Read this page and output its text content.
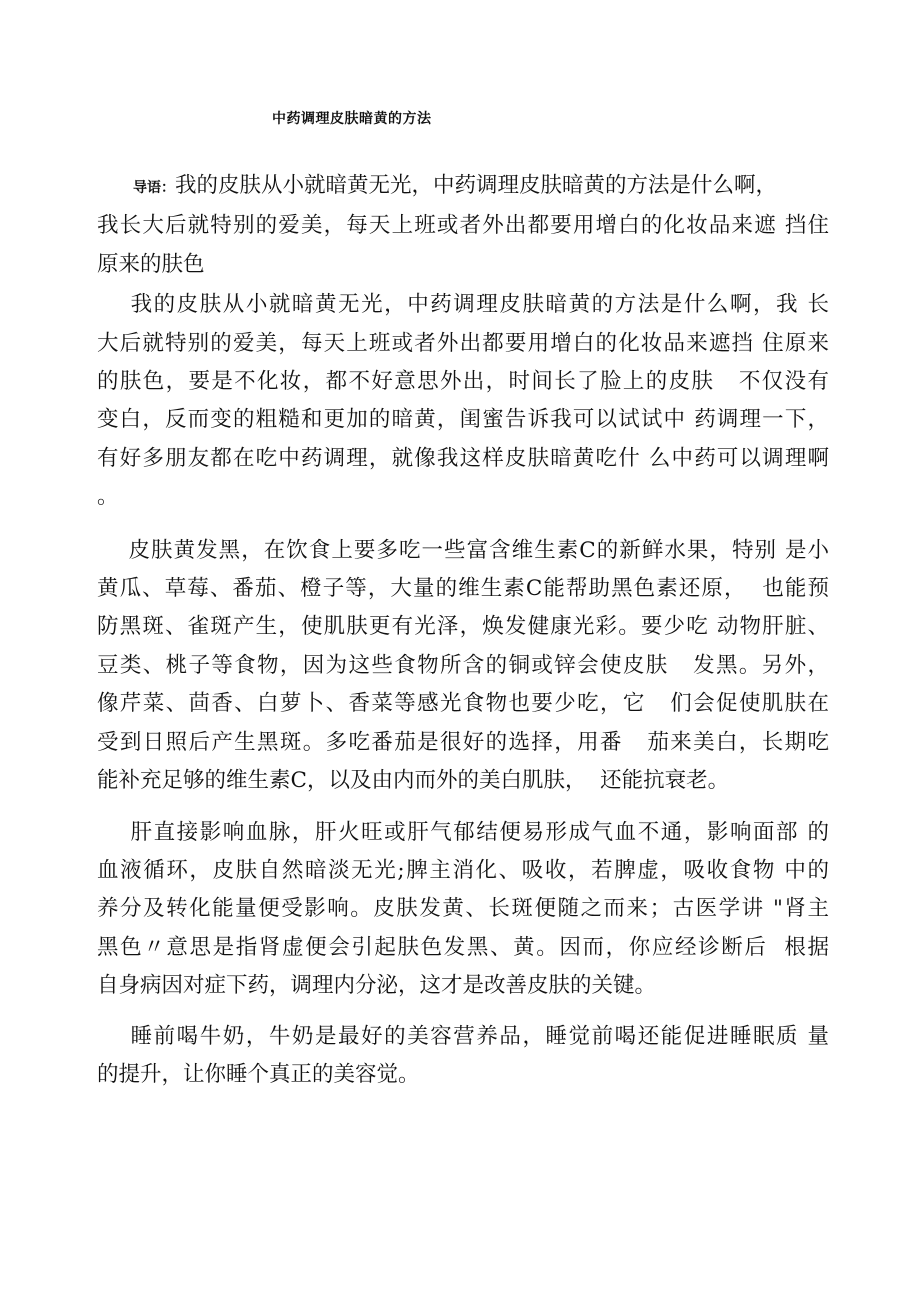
中药调理皮肤暗黄的方法
导语：我的皮肤从小就暗黄无光，中药调理皮肤暗黄的方法是什么啊，
我长大后就特别的爱美，每天上班或者外出都要用增白的化妆品来遮 挡住
原来的肤色
我的皮肤从小就暗黄无光，中药调理皮肤暗黄的方法是什么啊，我 长
大后就特别的爱美，每天上班或者外出都要用增白的化妆品来遮挡 住原来
的肤色，要是不化妆，都不好意思外出，时间长了脸上的皮肤   不仅没有
变白，反而变的粗糙和更加的暗黄，闺蜜告诉我可以试试中 药调理一下，
有好多朋友都在吃中药调理，就像我这样皮肤暗黄吃什 么中药可以调理啊
。
皮肤黄发黑，在饮食上要多吃一些富含维生素C的新鲜水果，特别 是小
黄瓜、草莓、番茄、橙子等，大量的维生素C能帮助黑色素还原，  也能预
防黑斑、雀斑产生，使肌肤更有光泽，焕发健康光彩。要少吃 动物肝脏、
豆类、桃子等食物，因为这些食物所含的铜或锌会使皮肤   发黑。另外，
像芹菜、茴香、白萝卜、香菜等感光食物也要少吃，它   们会促使肌肤在
受到日照后产生黑斑。多吃番茄是很好的选择，用番   茄来美白，长期吃
能补充足够的维生素C，以及由内而外的美白肌肤，  还能抗衰老。
肝直接影响血脉，肝火旺或肝气郁结便易形成气血不通，影响面部 的
血液循环，皮肤自然暗淡无光;脾主消化、吸收，若脾虚，吸收食物 中的
养分及转化能量便受影响。皮肤发黄、长斑便随之而来；古医学讲 "肾主
黑色〃意思是指肾虚便会引起肤色发黑、黄。因而，你应经诊断后  根据
自身病因对症下药，调理内分泌，这才是改善皮肤的关键。
睡前喝牛奶，牛奶是最好的美容营养品，睡觉前喝还能促进睡眠质 量
的提升，让你睡个真正的美容觉。
